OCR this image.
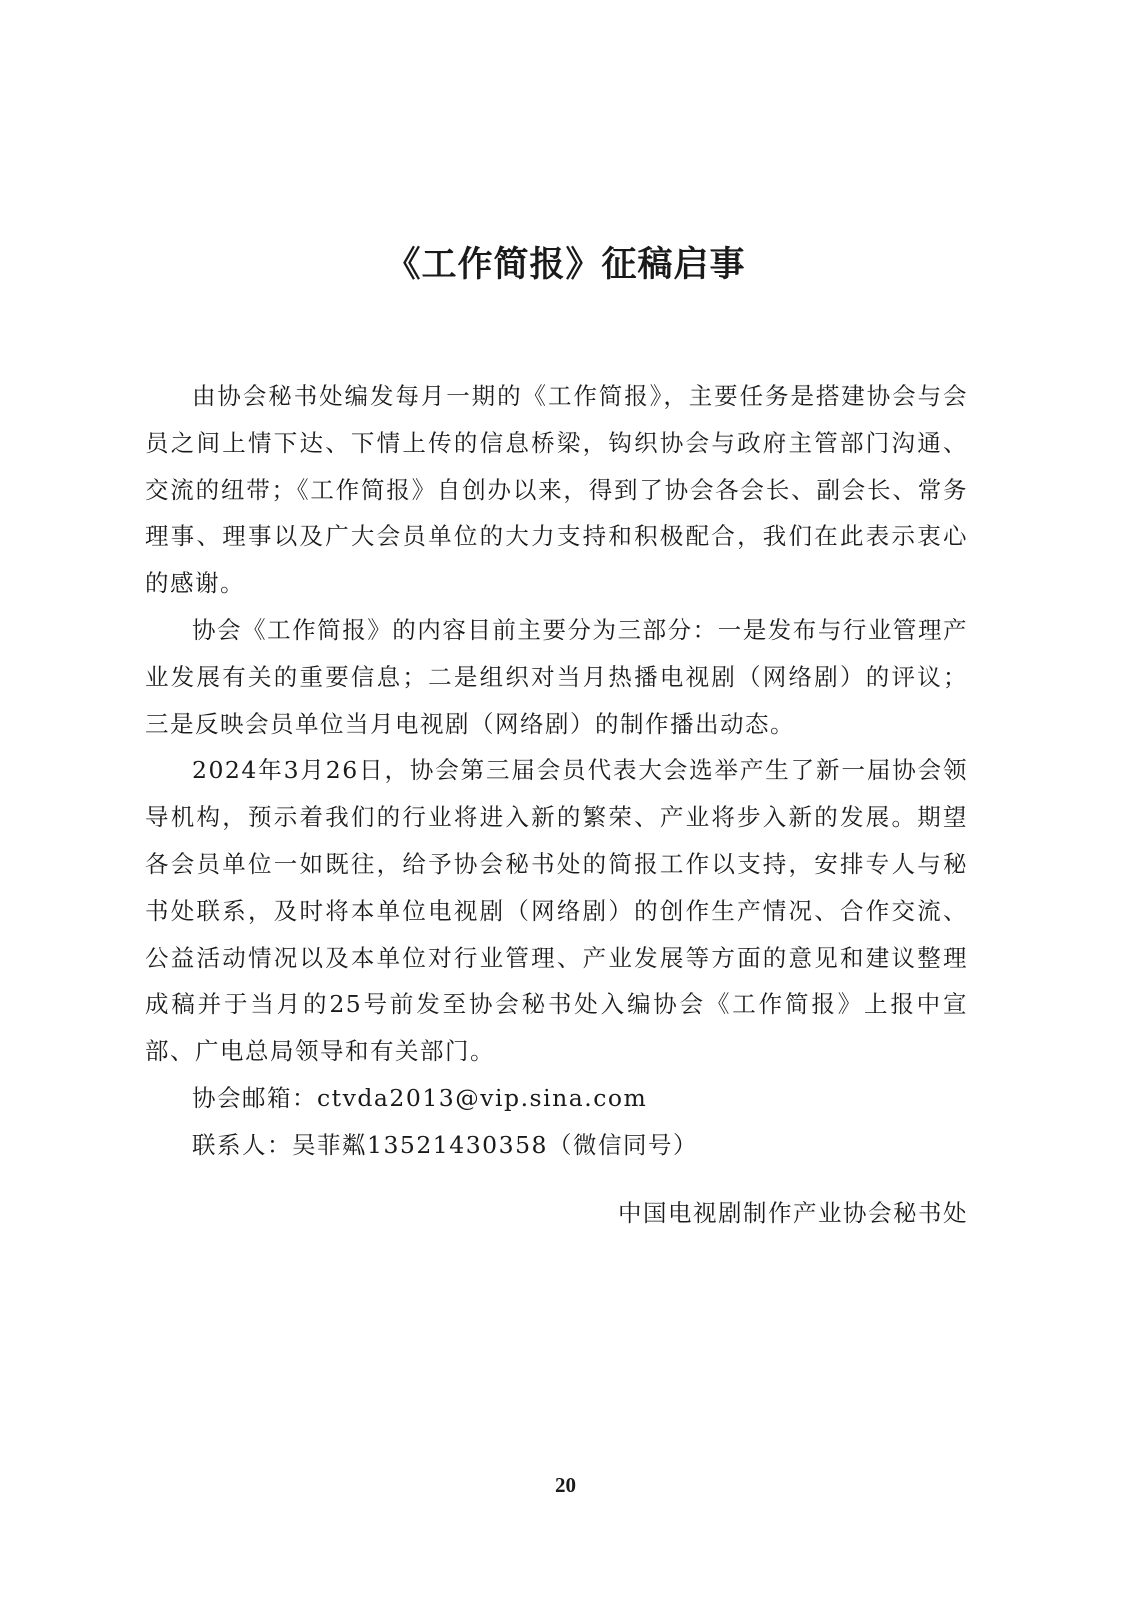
《工作简报》征稿启事

由协会秘书处编发每月一期的《工作简报》，主要任务是搭建协会与会员之间上情下达、下情上传的信息桥梁，钩织协会与政府主管部门沟通、交流的纽带；《工作简报》自创办以来，得到了协会各会长、副会长、常务理事、理事以及广大会员单位的大力支持和积极配合，我们在此表示衷心的感谢。

协会《工作简报》的内容目前主要分为三部分：一是发布与行业管理产业发展有关的重要信息；二是组织对当月热播电视剧（网络剧）的评议；三是反映会员单位当月电视剧（网络剧）的制作播出动态。

2024年3月26日，协会第三届会员代表大会选举产生了新一届协会领导机构，预示着我们的行业将进入新的繁荣、产业将步入新的发展。期望各会员单位一如既往，给予协会秘书处的简报工作以支持，安排专人与秘书处联系，及时将本单位电视剧（网络剧）的创作生产情况、合作交流、公益活动情况以及本单位对行业管理、产业发展等方面的意见和建议整理成稿并于当月的25号前发至协会秘书处入编协会《工作简报》上报中宣部、广电总局领导和有关部门。

协会邮箱：ctvda2013@vip.sina.com

联系人：吴菲粼13521430358（微信同号）

中国电视剧制作产业协会秘书处
20
